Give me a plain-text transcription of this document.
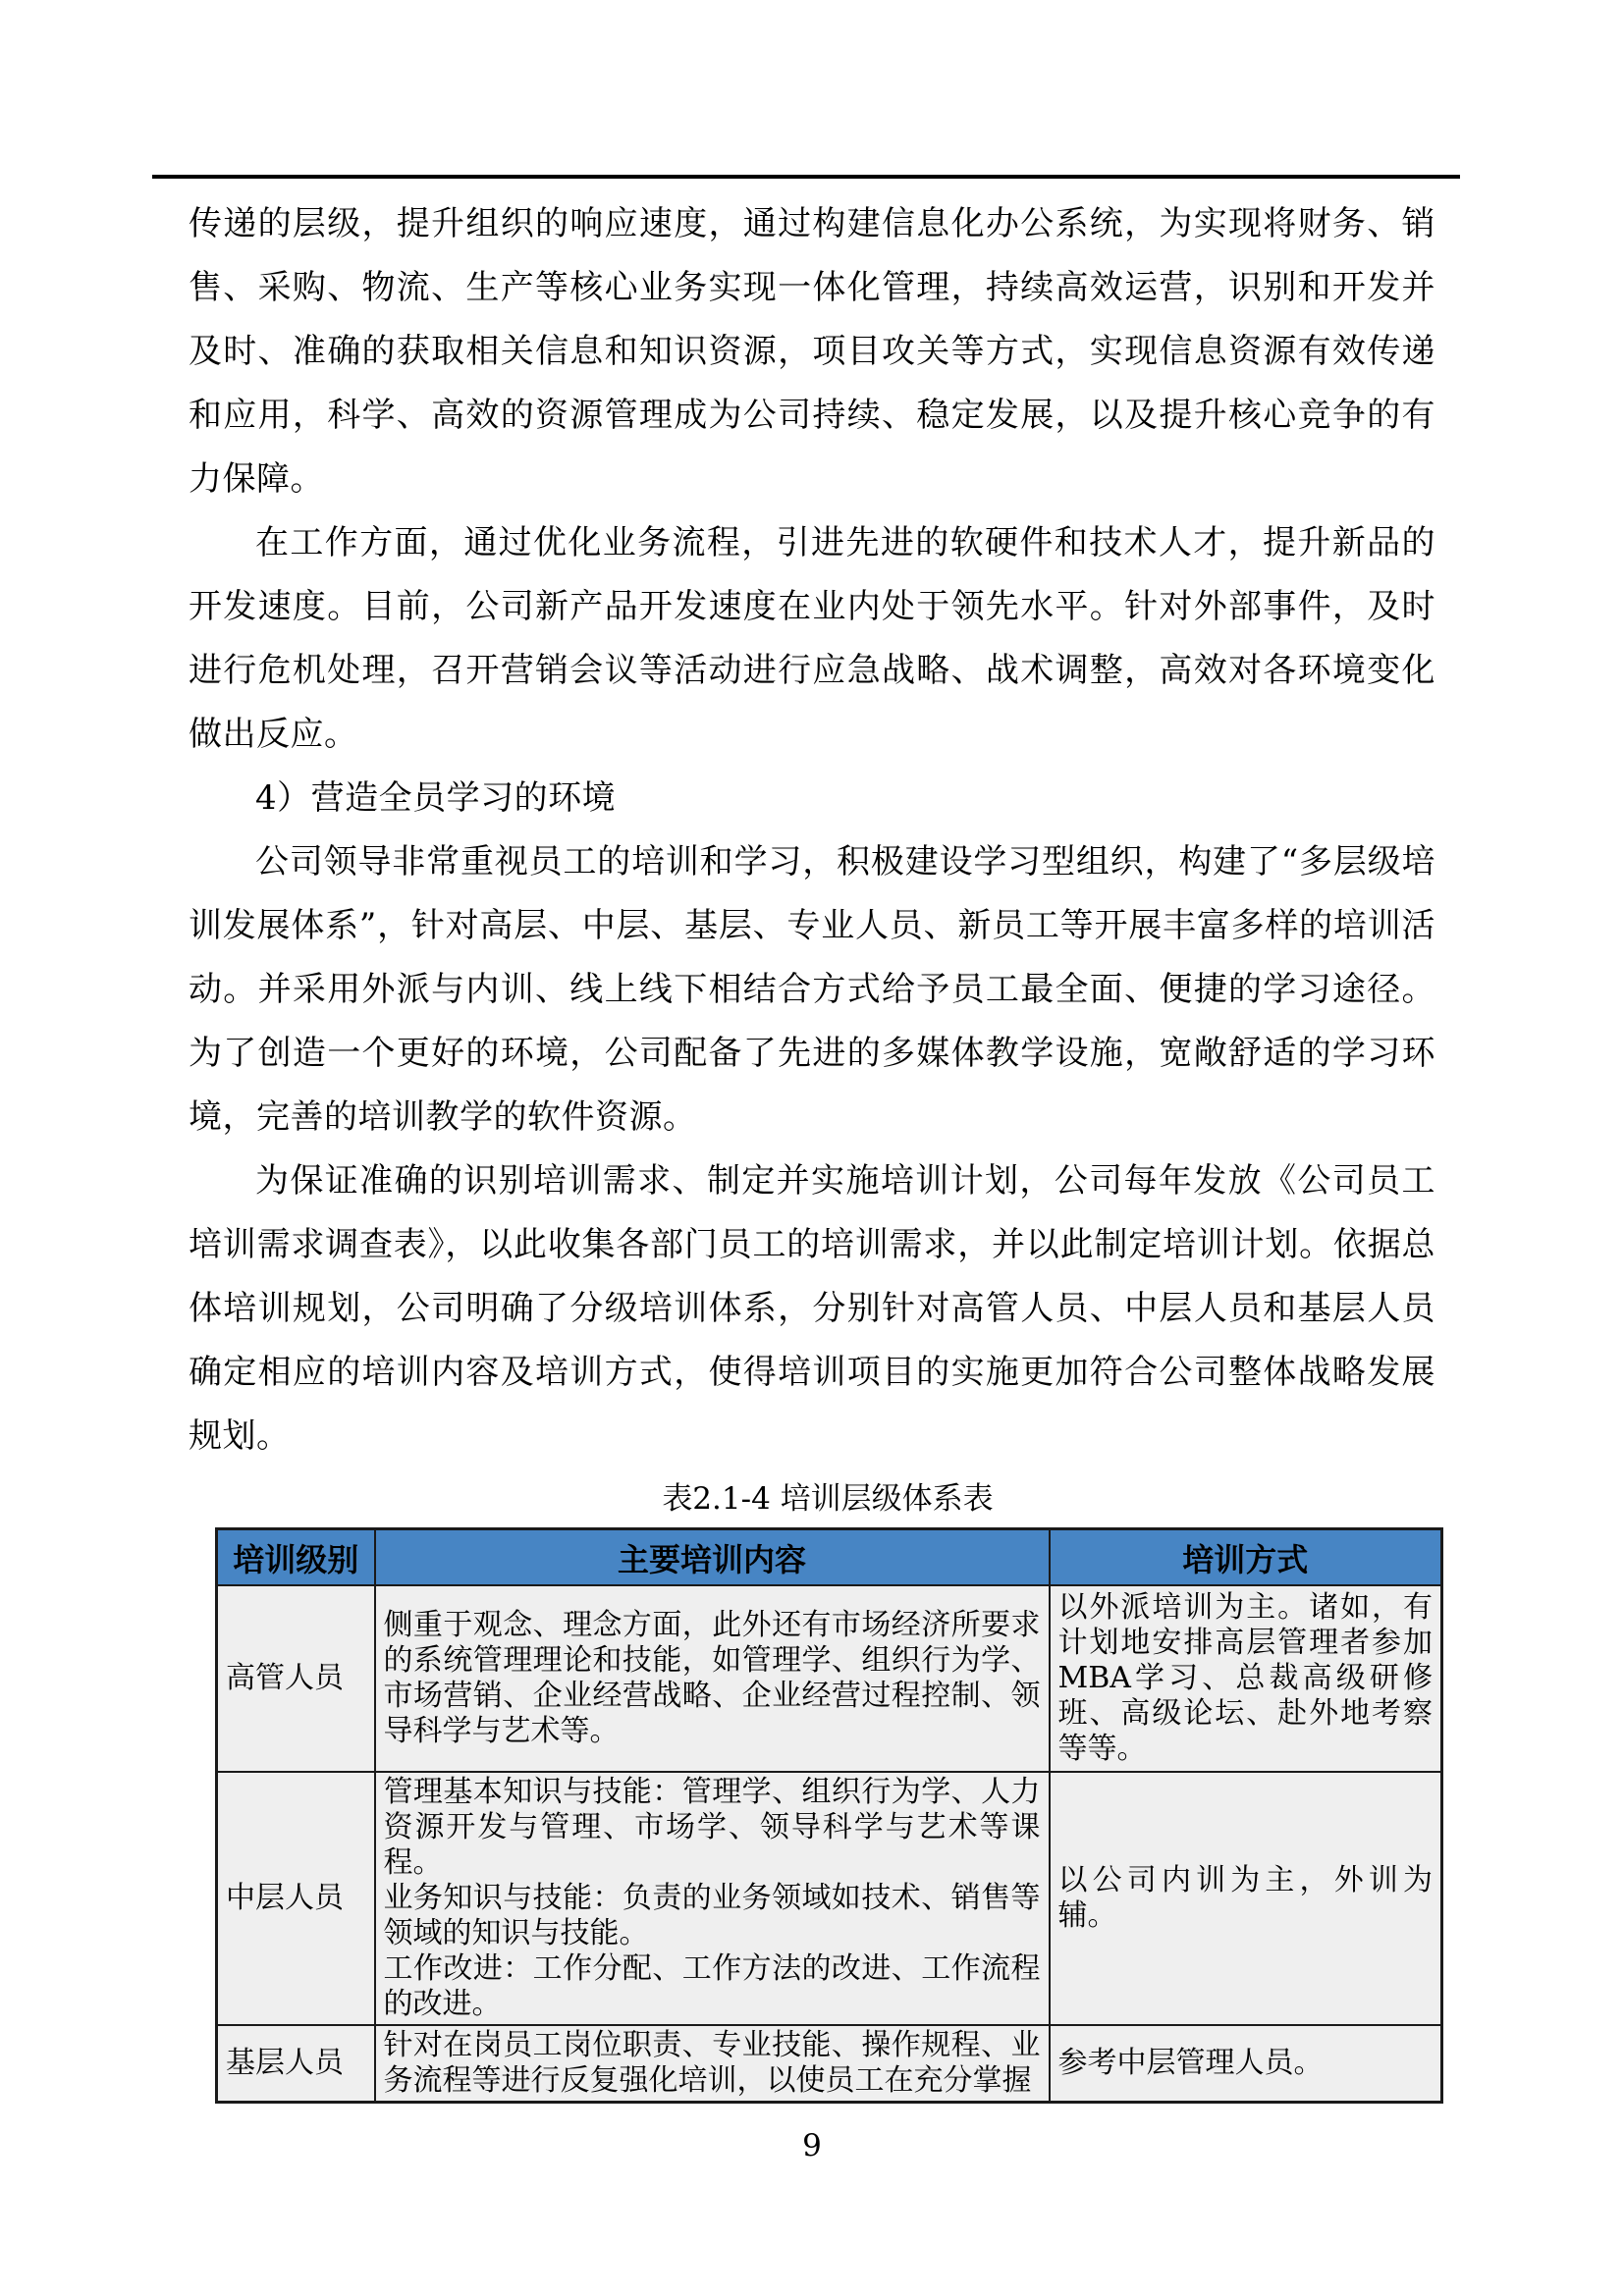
传递的层级，提升组织的响应速度，通过构建信息化办公系统，为实现将财务、销售、采购、物流、生产等核心业务实现一体化管理，持续高效运营，识别和开发并及时、准确的获取相关信息和知识资源，项目攻关等方式，实现信息资源有效传递和应用，科学、高效的资源管理成为公司持续、稳定发展，以及提升核心竞争的有力保障。

在工作方面，通过优化业务流程，引进先进的软硬件和技术人才，提升新品的开发速度。目前，公司新产品开发速度在业内处于领先水平。针对外部事件，及时进行危机处理，召开营销会议等活动进行应急战略、战术调整，高效对各环境变化做出反应。

4）营造全员学习的环境

公司领导非常重视员工的培训和学习，积极建设学习型组织，构建了“多层级培训发展体系”，针对高层、中层、基层、专业人员、新员工等开展丰富多样的培训活动。并采用外派与内训、线上线下相结合方式给予员工最全面、便捷的学习途径。为了创造一个更好的环境，公司配备了先进的多媒体教学设施，宽敞舒适的学习环境，完善的培训教学的软件资源。

为保证准确的识别培训需求、制定并实施培训计划，公司每年发放《公司员工培训需求调查表》，以此收集各部门员工的培训需求，并以此制定培训计划。依据总体培训规划，公司明确了分级培训体系，分别针对高管人员、中层人员和基层人员确定相应的培训内容及培训方式，使得培训项目的实施更加符合公司整体战略发展规划。

表2.1-4 培训层级体系表
培训级别	主要培训内容	培训方式
高管人员	侧重于观念、理念方面，此外还有市场经济所要求的系统管理理论和技能，如管理学、组织行为学、市场营销、企业经营战略、企业经营过程控制、领导科学与艺术等。	以外派培训为主。诸如，有计划地安排高层管理者参加MBA学习、总裁高级研修班、高级论坛、赴外地考察等等。
中层人员	管理基本知识与技能：管理学、组织行为学、人力资源开发与管理、市场学、领导科学与艺术等课程。
业务知识与技能：负责的业务领域如技术、销售等领域的知识与技能。
工作改进：工作分配、工作方法的改进、工作流程的改进。	以公司内训为主，外训为辅。
基层人员	针对在岗员工岗位职责、专业技能、操作规程、业务流程等进行反复强化培训，以使员工在充分掌握	参考中层管理人员。
9
